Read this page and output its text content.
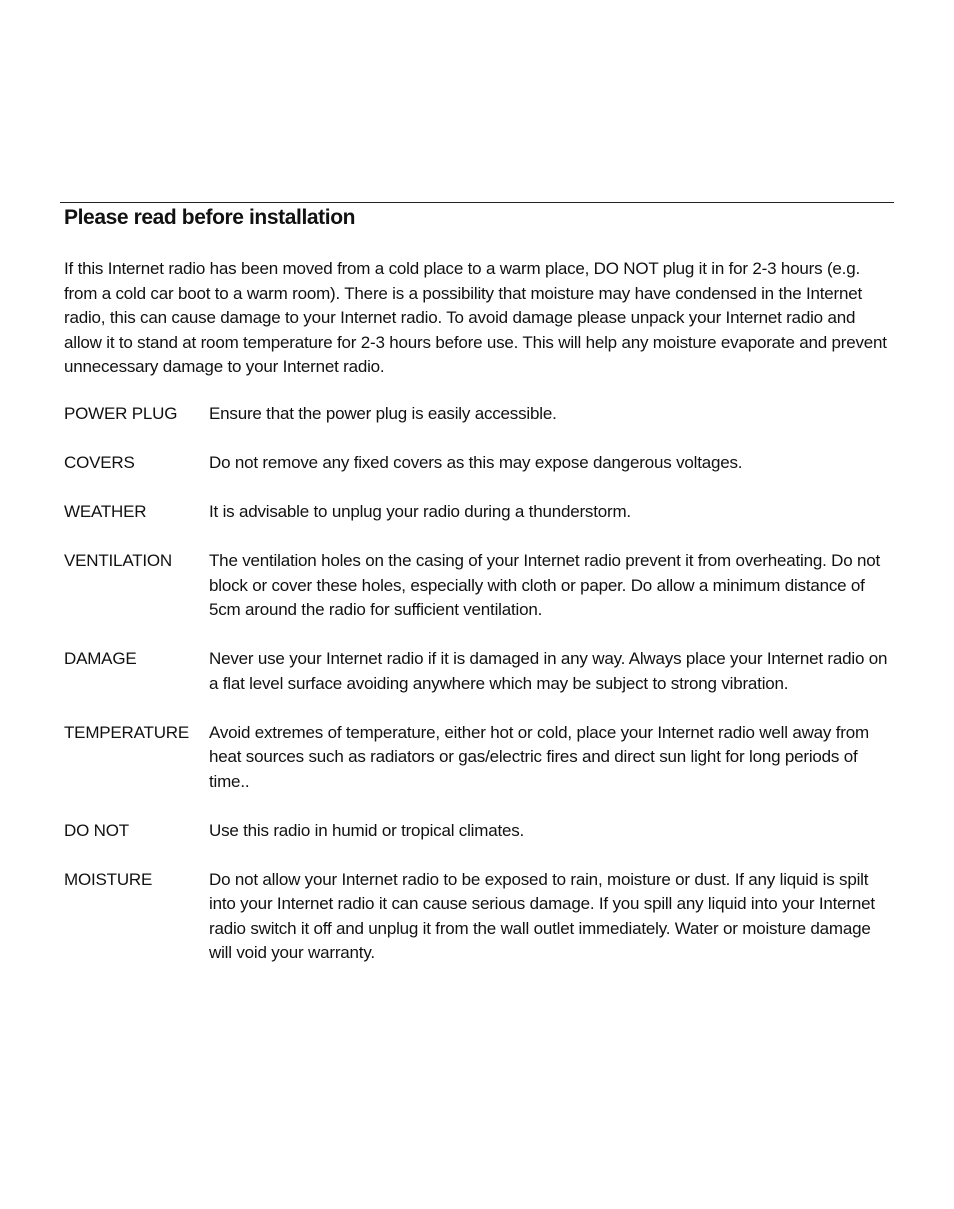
Please read before installation

If this Internet radio has been moved from a cold place to a warm place, DO NOT plug it in for 2-3 hours (e.g. from a cold car boot to a warm room). There is a possibility that moisture may have condensed in the Internet radio, this can cause damage to your Internet radio. To avoid damage please unpack your Internet radio and allow it to stand at room temperature for 2-3 hours before use. This will help any moisture evaporate and prevent unnecessary damage to your Internet radio.

POWER PLUG	Ensure that the power plug is easily accessible.
COVERS	Do not remove any fixed covers as this may expose dangerous voltages.
WEATHER	It is advisable to unplug your radio during a thunderstorm.
VENTILATION	The ventilation holes on the casing of your Internet radio prevent it from overheating. Do not block or cover these holes, especially with cloth or paper. Do allow a minimum distance of 5cm around the radio for sufficient ventilation.
DAMAGE	Never use your Internet radio if it is damaged in any way. Always place your Internet radio on a flat level surface avoiding anywhere which may be subject to strong vibration.
TEMPERATURE	Avoid extremes of temperature, either hot or cold, place your Internet radio well away from heat sources such as radiators or gas/electric fires and direct sun light for long periods of time..
DO NOT	Use this radio in humid or tropical climates.
MOISTURE	Do not allow your Internet radio to be exposed to rain, moisture or dust. If any liquid is spilt into your Internet radio it can cause serious damage. If you spill any liquid into your Internet radio switch it off and unplug it from the wall outlet immediately. Water or moisture damage will void your warranty.
